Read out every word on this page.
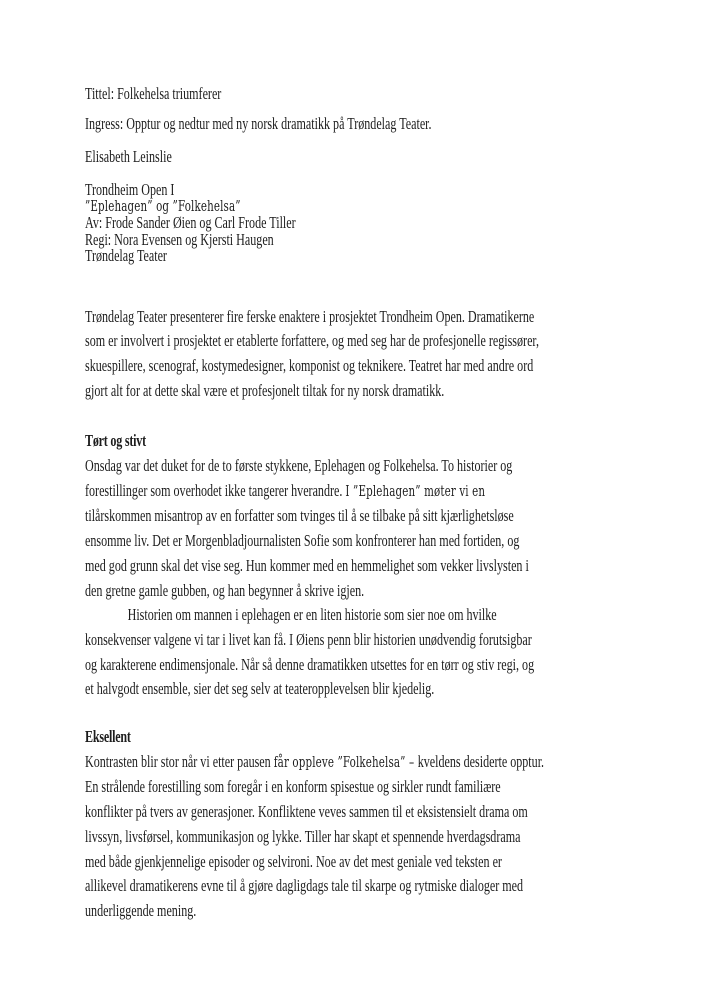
Tittel: Folkehelsa triumferer
Ingress: Opptur og nedtur med ny norsk dramatikk på Trøndelag Teater.
Elisabeth Leinslie
Trondheim Open I
”Eplehagen” og ”Folkehelsa”
Av: Frode Sander Øien og Carl Frode Tiller
Regi: Nora Evensen og Kjersti Haugen
Trøndelag Teater
Trøndelag Teater presenterer fire ferske enaktere i prosjektet Trondheim Open. Dramatikerne
som er involvert i prosjektet er etablerte forfattere, og med seg har de profesjonelle regissører,
skuespillere, scenograf, kostymedesigner, komponist og teknikere. Teatret har med andre ord
gjort alt for at dette skal være et profesjonelt tiltak for ny norsk dramatikk.
Tørt og stivt
Onsdag var det duket for de to første stykkene, Eplehagen og Folkehelsa. To historier og
forestillinger som overhodet ikke tangerer hverandre. I ”Eplehagen” møter vi en
tilårskommen misantrop av en forfatter som tvinges til å se tilbake på sitt kjærlighetsløse
ensomme liv. Det er Morgenbladjournalisten Sofie som konfronterer han med fortiden, og
med god grunn skal det vise seg. Hun kommer med en hemmelighet som vekker livslysten i
den gretne gamle gubben, og han begynner å skrive igjen.
Historien om mannen i eplehagen er en liten historie som sier noe om hvilke
konsekvenser valgene vi tar i livet kan få. I Øiens penn blir historien unødvendig forutsigbar
og karakterene endimensjonale. Når så denne dramatikken utsettes for en tørr og stiv regi, og
et halvgodt ensemble, sier det seg selv at teateropplevelsen blir kjedelig.
Eksellent
Kontrasten blir stor når vi etter pausen får oppleve ”Folkehelsa” – kveldens desiderte opptur.
En strålende forestilling som foregår i en konform spisestue og sirkler rundt familiære
konflikter på tvers av generasjoner. Konfliktene veves sammen til et eksistensielt drama om
livssyn, livsførsel, kommunikasjon og lykke. Tiller har skapt et spennende hverdagsdrama
med både gjenkjennelige episoder og selvironi. Noe av det mest geniale ved teksten er
allikevel dramatikerens evne til å gjøre dagligdags tale til skarpe og rytmiske dialoger med
underliggende mening.
